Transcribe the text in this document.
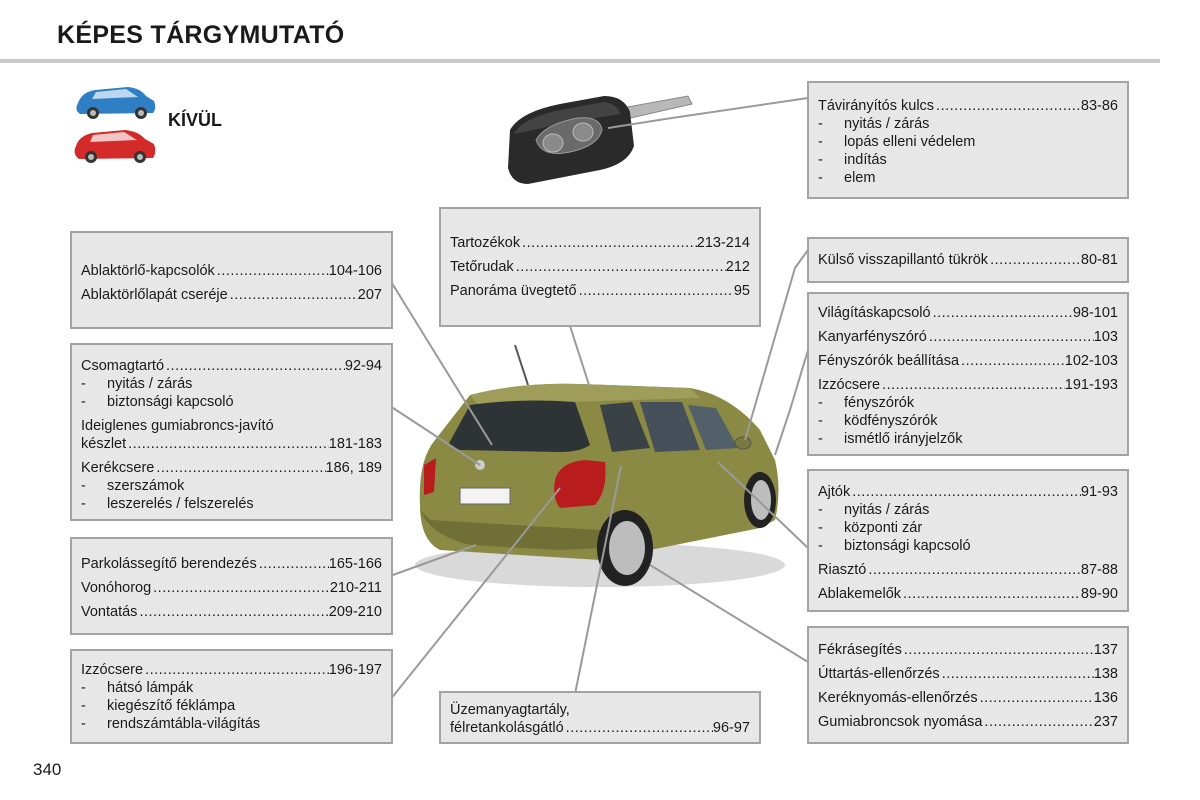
KÉPES TÁRGYMUTATÓ
KÍVÜL
Távirányítós kulcs .....	83-86
- nyitás / zárás
- lopás elleni védelem
- indítás
- elem
Tartozékok .....	213-214
Tetőrudak .....	212
Panoráma üvegtető .....	95
Ablaktörlő-kapcsolók .....	104-106
Ablaktörlőlapát cseréje .....	207
Csomagtartó .....	92-94
- nyitás / zárás
- biztonsági kapcsoló
Ideiglenes gumiabroncs-javító
készlet .....	181-183
Kerékcsere .....	186, 189
- szerszámok
- leszerelés / felszerelés
Parkolássegítő berendezés .....	165-166
Vonóhorog .....	210-211
Vontatás .....	209-210
Izzócsere .....	196-197
- hátsó lámpák
- kiegészítő féklámpa
- rendszámtábla-világítás
Üzemanyagtartály,
félretankolásgátló .....	96-97
Külső visszapillantó tükrök .....	80-81
Világításkapcsoló .....	98-101
Kanyarfényszóró .....	103
Fényszórók beállítása .....	102-103
Izzócsere .....	191-193
- fényszórók
- ködfényszórók
- ismétlő irányjelzők
Ajtók .....	91-93
- nyitás / zárás
- központi zár
- biztonsági kapcsoló
Riasztó .....	87-88
Ablakemelők .....	89-90
Fékrásegítés .....	137
Úttartás-ellenőrzés .....	138
Keréknyomás-ellenőrzés .....	136
Gumiabroncsok nyomása .....	237
340
